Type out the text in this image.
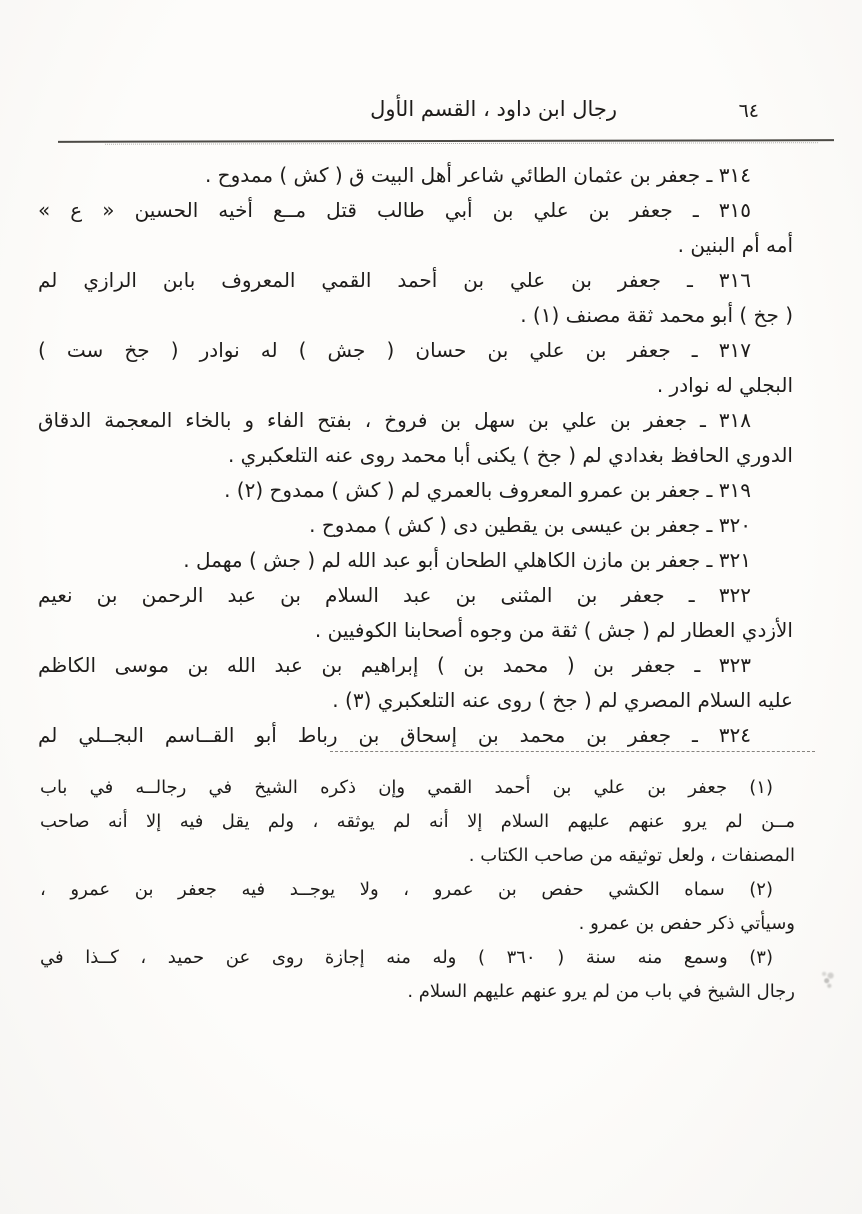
رجال ابن داود ، القسم الأول	٦٤
٣١٤ ـ جعفر بن عثمان الطائي شاعر أهل البيت ق ( كش ) ممدوح .
٣١٥ ـ جعفر بن علي بن أبي طالب قتل مــع أخيه الحسين « ع »
أمه أم البنين .
٣١٦ ـ جعفر بن علي بن أحمد القمي المعروف بابن الرازي لم
( جخ ) أبو محمد ثقة مصنف (١) .
٣١٧ ـ جعفر بن علي بن حسان ( جش ) له نوادر ( جخ ست )
البجلي له نوادر .
٣١٨ ـ جعفر بن علي بن سهل بن فروخ ، بفتح الفاء و بالخاء المعجمة الدقاق
الدوري الحافظ بغدادي لم ( جخ ) يكنى أبا محمد روى عنه التلعكبري .
٣١٩ ـ جعفر بن عمرو المعروف بالعمري لم ( كش ) ممدوح (٢) .
٣٢٠ ـ جعفر بن عيسى بن يقطين دى ( كش ) ممدوح .
٣٢١ ـ جعفر بن مازن الكاهلي الطحان أبو عبد الله لم ( جش ) مهمل .
٣٢٢ ـ جعفر بن المثنى بن عبد السلام بن عبد الرحمن بن نعيم
الأزدي العطار لم ( جش ) ثقة من وجوه أصحابنا الكوفيين .
٣٢٣ ـ جعفر بن ( محمد بن ) إبراهيم بن عبد الله بن موسى الكاظم
عليه السلام المصري لم ( جخ ) روى عنه التلعكبري (٣) .
٣٢٤ ـ جعفر بن محمد بن إسحاق بن رباط أبو القــاسم البجــلي لم
(١) جعفر بن علي بن أحمد القمي وإن ذكره الشيخ في رجالــه في باب
مــن لم يرو عنهم عليهم السلام إلا أنه لم يوثقه ، ولم يقل فيه إلا أنه صاحب
المصنفات ، ولعل توثيقه من صاحب الكتاب .
(٢) سماه الكشي حفص بن عمرو ، ولا يوجــد فيه جعفر بن عمرو ،
وسيأتي ذكر حفص بن عمرو .
(٣) وسمع منه سنة ( ٣٦٠ ) وله منه إجازة روى عن حميد ، كــذا في
رجال الشيخ في باب من لم يرو عنهم عليهم السلام .
